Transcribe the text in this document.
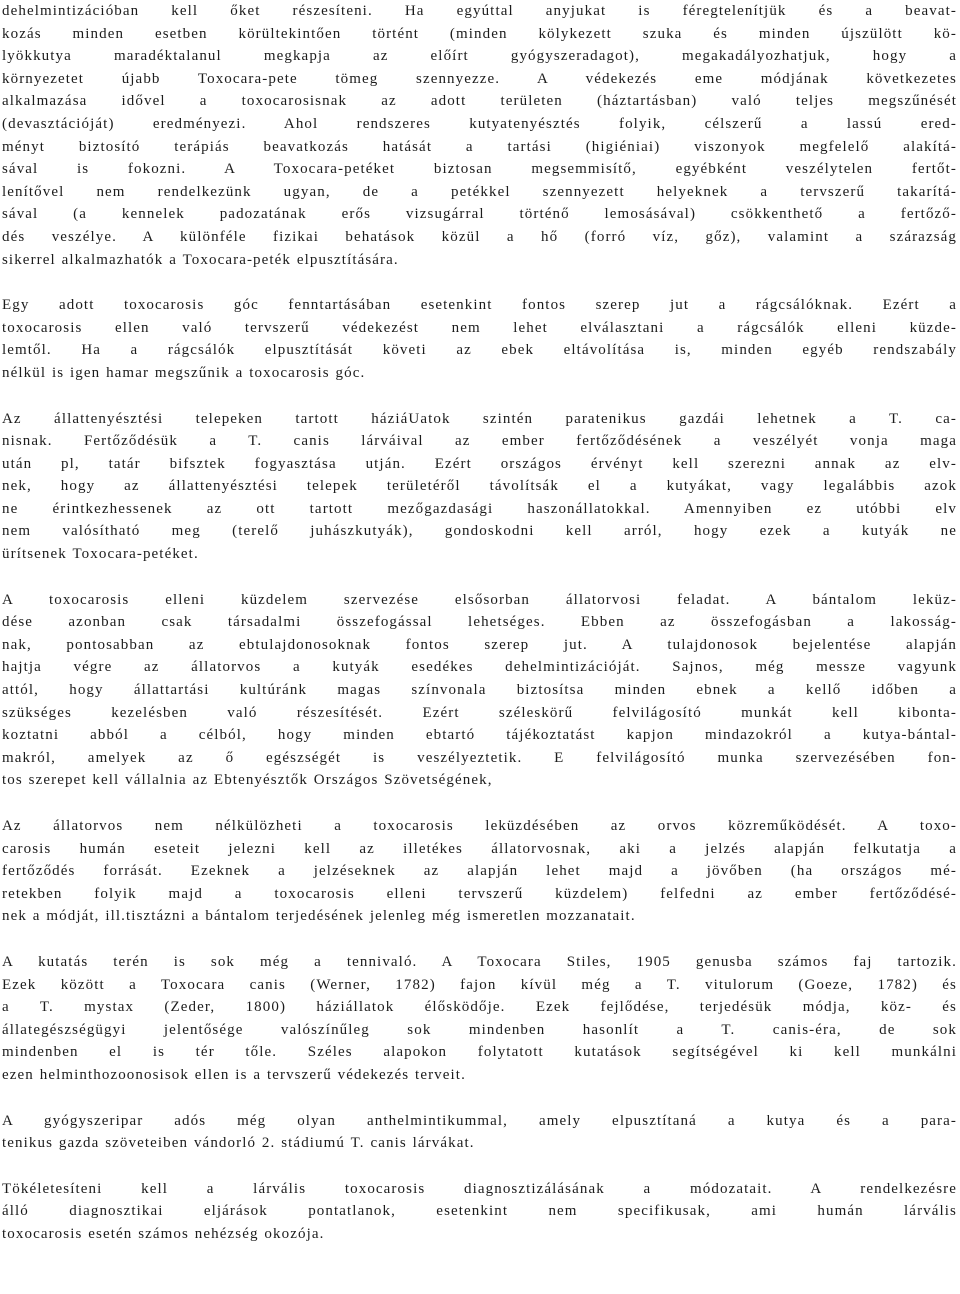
dehelmintizációban kell őket részesíteni. Ha egyúttal anyjukat is féregtelenítjük és a beavat-
kozás minden esetben körültekintően történt (minden kölykezett szuka és minden újszülött kö-
lyökkutya maradéktalanul megkapja az előírt gyógyszeradagot), megakadályozhatjuk, hogy a
környezetet újabb Toxocara-pete tömeg szennyezze. A védekezés eme módjának következetes
alkalmazása idővel a toxocarosisnak az adott területen (háztartásban) való teljes megszűnését
(devasztációját) eredményezi. Ahol rendszeres kutyatenyésztés folyik, célszerű a lassú ered-
ményt biztosító terápiás beavatkozás hatását a tartási (higiéniai) viszonyok megfelelő alakítá-
sával is fokozni. A Toxocara-petéket biztosan megsemmisítő, egyébként veszélytelen fertőt-
lenítővel nem rendelkezünk ugyan, de a petékkel szennyezett helyeknek a tervszerű takarítá-
sával (a kennelek padozatának erős vizsugárral történő lemosásával) csökkenthető a fertőző-
dés veszélye. A különféle fizikai behatások közül a hő (forró víz, gőz), valamint a szárazság
sikerrel alkalmazhatók a Toxocara-peték elpusztítására.
Egy adott toxocarosis góc fenntartásában esetenkint fontos szerep jut a rágcsálóknak. Ezért a
toxocarosis ellen való tervszerű védekezést nem lehet elválasztani a rágcsálók elleni küzde-
lemtől. Ha a rágcsálók elpusztítását követi az ebek eltávolítása is, minden egyéb rendszabály
nélkül is igen hamar megszűnik a toxocarosis góc.
Az állattenyésztési telepeken tartott háziáUatok szintén paratenikus gazdái lehetnek a T. ca-
nisnak. Fertőződésük a T. canis lárváival az ember fertőződésének a veszélyét vonja maga
után pl, tatár bifsztek fogyasztása utján. Ezért országos érvényt kell szerezni annak az elv-
nek, hogy az állattenyésztési telepek területéről távolítsák el a kutyákat, vagy legalábbis azok
ne érintkezhessenek az ott tartott mezőgazdasági haszonállatokkal. Amennyiben ez utóbbi elv
nem valósítható meg (terelő juhászkutyák), gondoskodni kell arról, hogy ezek a kutyák ne
ürítsenek Toxocara-petéket.
A toxocarosis elleni küzdelem szervezése elsősorban állatorvosi feladat. A bántalom leküz-
dése azonban csak társadalmi összefogással lehetséges. Ebben az összefogásban a lakosság-
nak, pontosabban az ebtulajdonosoknak fontos szerep jut. A tulajdonosok bejelentése alapján
hajtja végre az állatorvos a kutyák esedékes dehelmintizációját. Sajnos, még messze vagyunk
attól, hogy állattartási kultúránk magas színvonala biztosítsa minden ebnek a kellő időben a
szükséges kezelésben való részesítését. Ezért széleskörű felvilágosító munkát kell kibonta-
koztatni abból a célból, hogy minden ebtartó tájékoztatást kapjon mindazokról a kutya-bántal-
makról, amelyek az ő egészségét is veszélyeztetik. E felvilágosító munka szervezésében fon-
tos szerepet kell vállalnia az Ebtenyésztők Országos Szövetségének,
Az állatorvos nem nélkülözheti a toxocarosis leküzdésében az orvos közreműködését. A toxo-
carosis humán eseteit jelezni kell az illetékes állatorvosnak, aki a jelzés alapján felkutatja a
fertőződés forrását. Ezeknek a jelzéseknek az alapján lehet majd a jövőben (ha országos mé-
retekben folyik majd a toxocarosis elleni tervszerű küzdelem) felfedni az ember fertőződésé-
nek a módját, ill.tisztázni a bántalom terjedésének jelenleg még ismeretlen mozzanatait.
A kutatás terén is sok még a tennivaló. A Toxocara Stiles, 1905 genusba számos faj tartozik.
Ezek között a Toxocara canis (Werner, 1782) fajon kívül még a T. vitulorum (Goeze, 1782) és
a T. mystax (Zeder, 1800) háziállatok élősködője. Ezek fejlődése, terjedésük módja, köz- és
állategészségügyi jelentősége valószínűleg sok mindenben hasonlít a T. canis-éra, de sok
mindenben el is tér tőle. Széles alapokon folytatott kutatások segítségével ki kell munkálni
ezen helminthozoonosisok ellen is a tervszerű védekezés terveit.
A gyógyszeripar adós még olyan anthelmintikummal, amely elpusztítaná a kutya és a para-
tenikus gazda szöveteiben vándorló 2. stádiumú T. canis lárvákat.
Tökéletesíteni kell a lárvális toxocarosis diagnosztizálásának a módozatait. A rendelkezésre
álló diagnosztikai eljárások pontatlanok, esetenkint nem specifikusak, ami humán lárvális
toxocarosis esetén számos nehézség okozója.
